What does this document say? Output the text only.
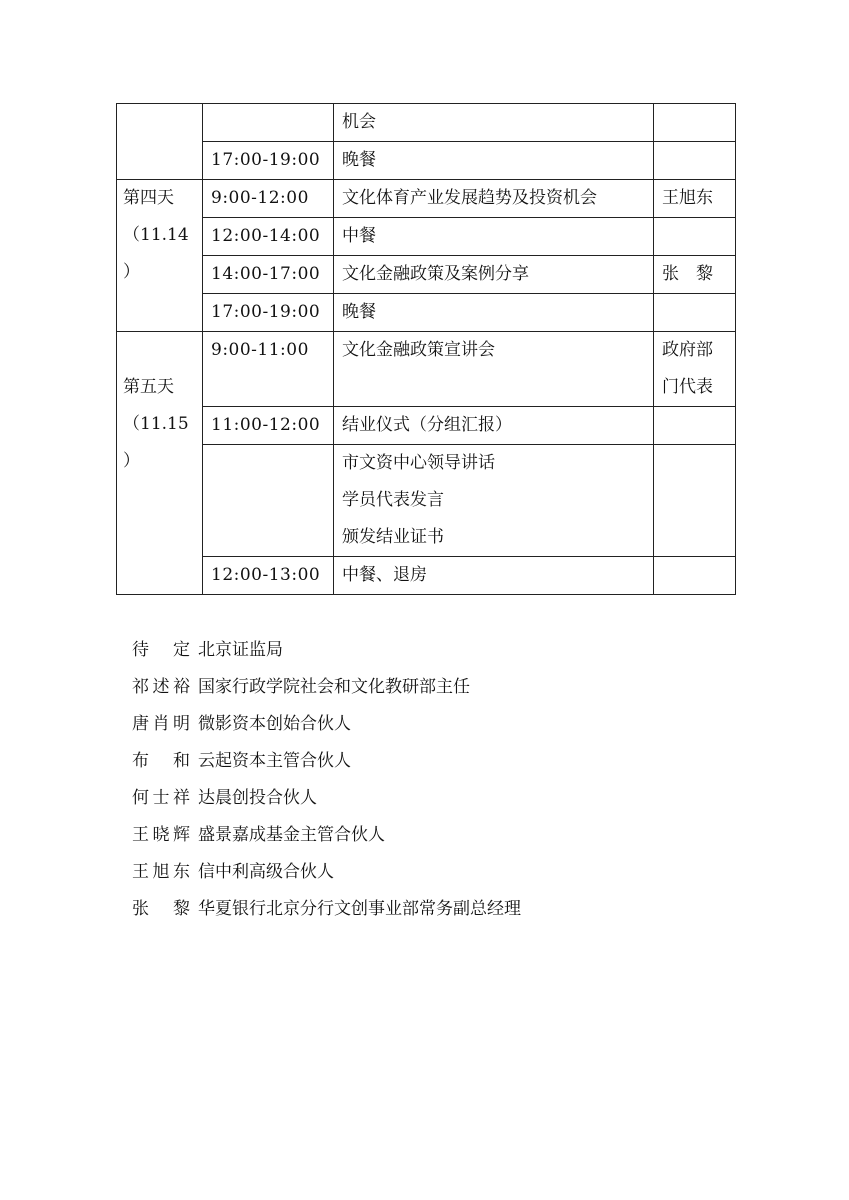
		机会	
	17:00-19:00	晚餐	

第四天
（11.14
）	9:00-12:00	文化体育产业发展趋势及投资机会	王旭东
	12:00-14:00	中餐	
	14:00-17:00	文化金融政策及案例分享	张　黎
	17:00-19:00	晚餐	

第五天
（11.15
）	9:00-11:00	文化金融政策宣讲会	政府部
门代表

	11:00-12:00	结业仪式（分组汇报）	

		市文资中心领导讲话
学员代表发言
颁发结业证书	

	12:00-13:00	中餐、退房	
待　定 北京证监局
祁述裕 国家行政学院社会和文化教研部主任
唐肖明 微影资本创始合伙人
布　和 云起资本主管合伙人
何士祥 达晨创投合伙人
王晓辉 盛景嘉成基金主管合伙人
王旭东 信中利高级合伙人
张　黎 华夏银行北京分行文创事业部常务副总经理
